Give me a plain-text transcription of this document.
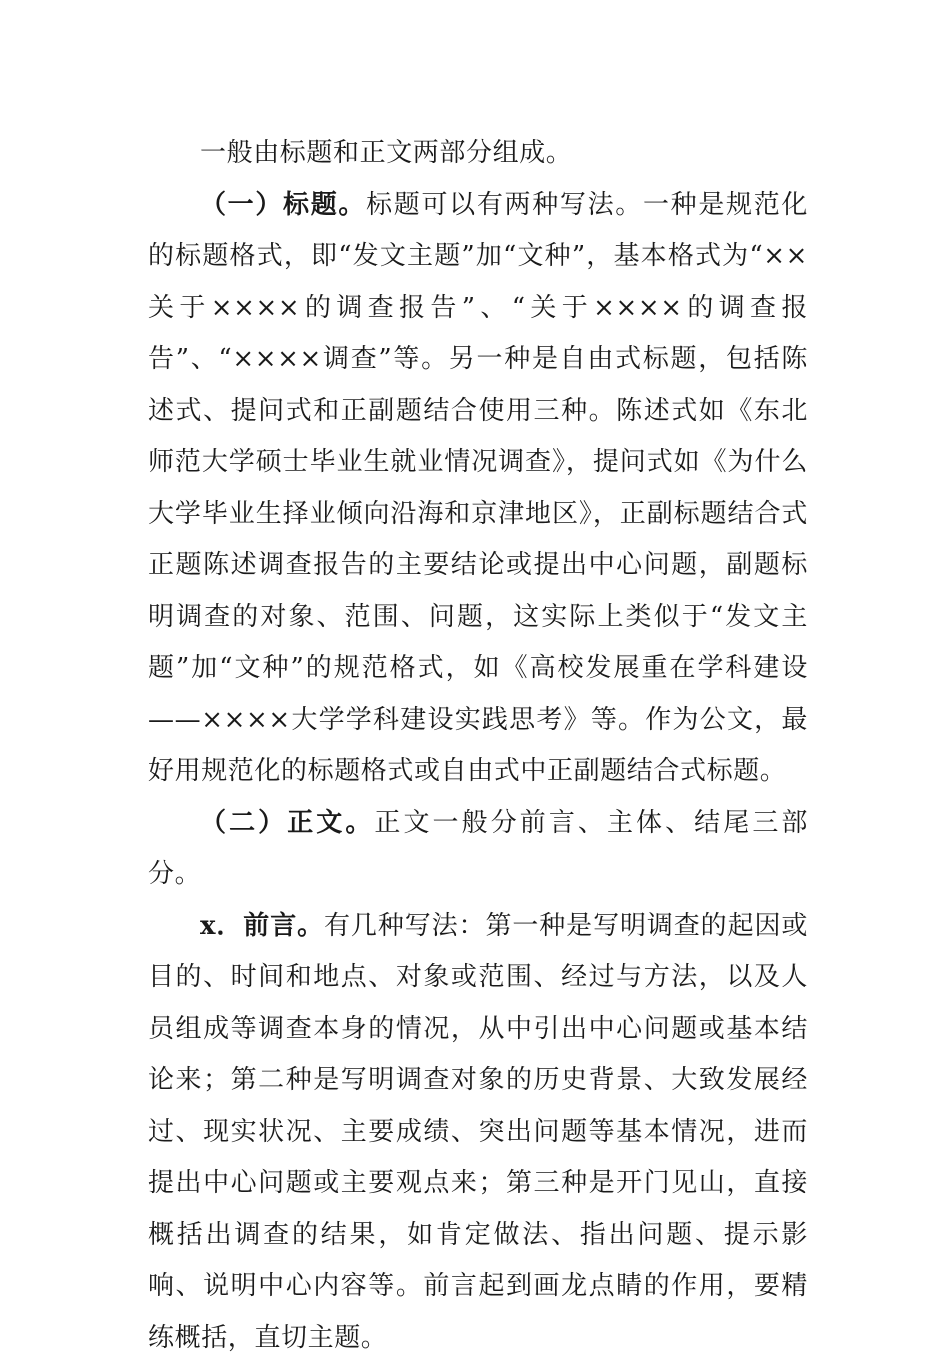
一般由标题和正文两部分组成。

（一）标题。标题可以有两种写法。一种是规范化的标题格式，即“发文主题”加“文种”，基本格式为“××关于××××的调查报告”、“关于××××的调查报告”、“××××调查”等。另一种是自由式标题，包括陈述式、提问式和正副题结合使用三种。陈述式如《东北师范大学硕士毕业生就业情况调查》，提问式如《为什么大学毕业生择业倾向沿海和京津地区》，正副标题结合式正题陈述调查报告的主要结论或提出中心问题，副题标明调查的对象、范围、问题，这实际上类似于“发文主题”加“文种”的规范格式，如《高校发展重在学科建设——××××大学学科建设实践思考》等。作为公文，最好用规范化的标题格式或自由式中正副题结合式标题。

（二）正文。正文一般分前言、主体、结尾三部分。

x．前言。有几种写法：第一种是写明调查的起因或目的、时间和地点、对象或范围、经过与方法，以及人员组成等调查本身的情况，从中引出中心问题或基本结论来；第二种是写明调查对象的历史背景、大致发展经过、现实状况、主要成绩、突出问题等基本情况，进而提出中心问题或主要观点来；第三种是开门见山，直接概括出调查的结果，如肯定做法、指出问题、提示影响、说明中心内容等。前言起到画龙点睛的作用，要精练概括，直切主题。
